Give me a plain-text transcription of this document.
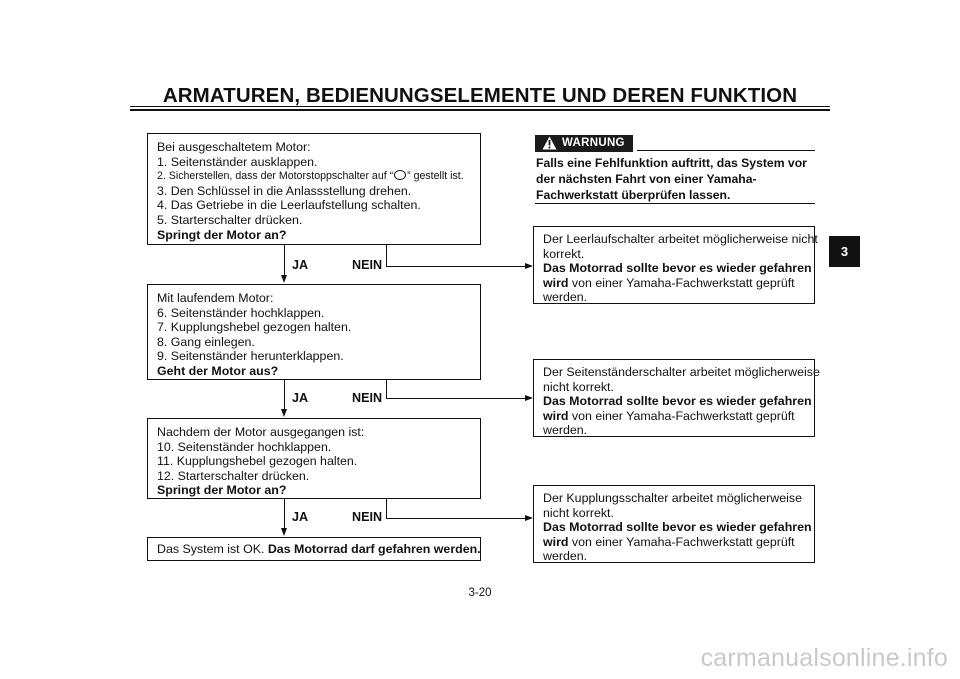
ARMATUREN, BEDIENUNGSELEMENTE UND DEREN FUNKTION
Bei ausgeschaltetem Motor:
1. Seitenständer ausklappen.
2. Sicherstellen, dass der Motorstoppschalter auf “ ” gestellt ist.
3. Den Schlüssel in die Anlassstellung drehen.
4. Das Getriebe in die Leerlaufstellung schalten.
5. Starterschalter drücken.
Springt der Motor an?
JA	NEIN
Mit laufendem Motor:
6. Seitenständer hochklappen.
7. Kupplungshebel gezogen halten.
8. Gang einlegen.
9. Seitenständer herunterklappen.
Geht der Motor aus?
JA	NEIN
Nachdem der Motor ausgegangen ist:
10. Seitenständer hochklappen.
11. Kupplungshebel gezogen halten.
12. Starterschalter drücken.
Springt der Motor an?
JA	NEIN
Das System ist OK. Das Motorrad darf gefahren werden.
WARNUNG
Falls eine Fehlfunktion auftritt, das System vor der nächsten Fahrt von einer Yamaha-Fachwerkstatt überprüfen lassen.
Der Leerlaufschalter arbeitet möglicherweise nicht
korrekt.
Das Motorrad sollte bevor es wieder gefahren
wird von einer Yamaha-Fachwerkstatt geprüft
werden.
Der Seitenständerschalter arbeitet möglicherweise
nicht korrekt.
Das Motorrad sollte bevor es wieder gefahren
wird von einer Yamaha-Fachwerkstatt geprüft
werden.
Der Kupplungsschalter arbeitet möglicherweise
nicht korrekt.
Das Motorrad sollte bevor es wieder gefahren
wird von einer Yamaha-Fachwerkstatt geprüft
werden.
3
3-20
carmanualsonline.info
